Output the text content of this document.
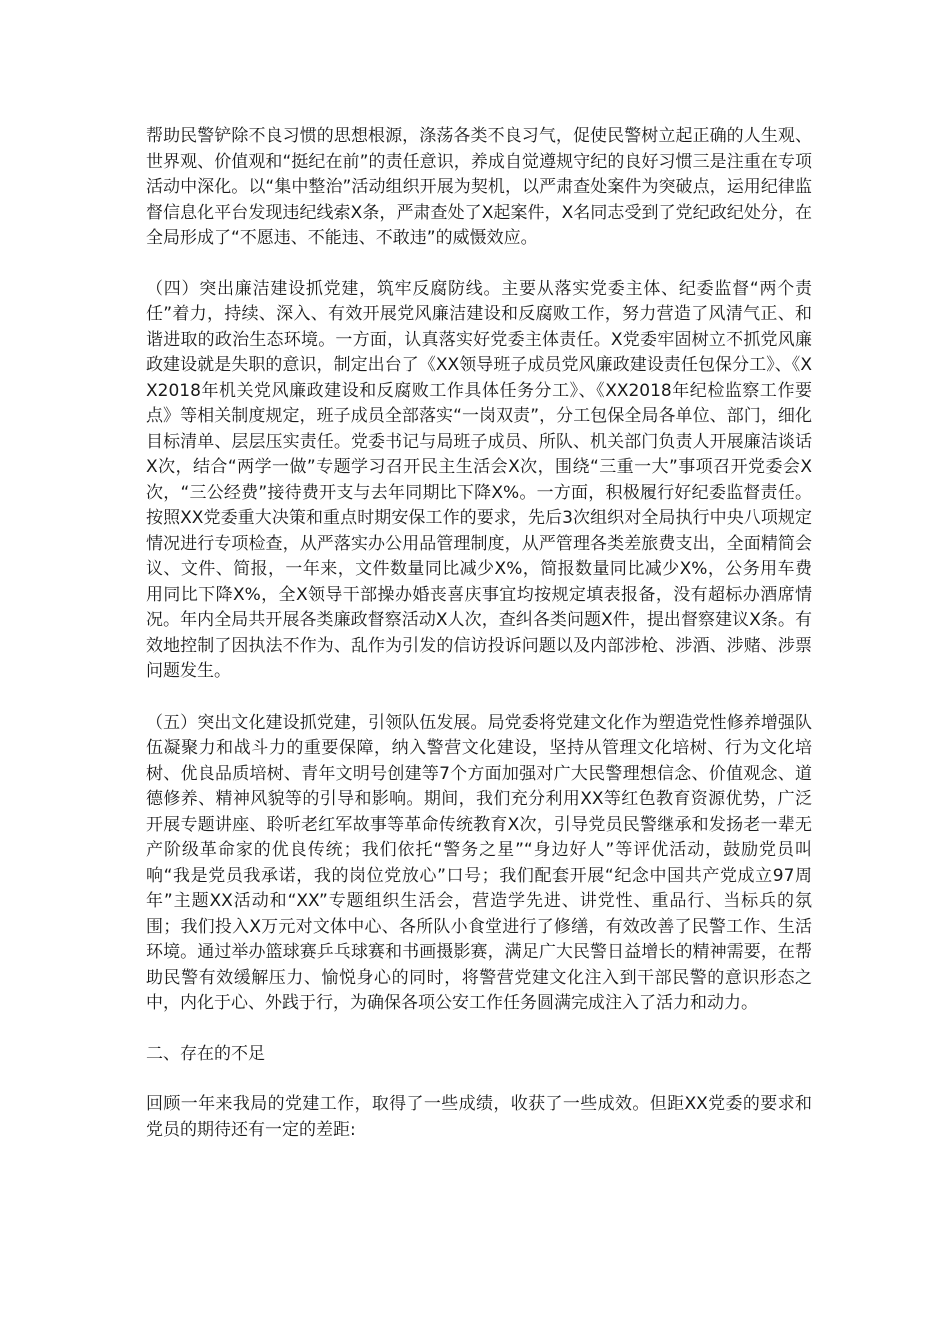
帮助民警铲除不良习惯的思想根源，涤荡各类不良习气，促使民警树立起正确的人生观、世界观、价值观和“挺纪在前”的责任意识，养成自觉遵规守纪的良好习惯三是注重在专项活动中深化。以“集中整治”活动组织开展为契机，以严肃查处案件为突破点，运用纪律监督信息化平台发现违纪线索X条，严肃查处了X起案件，X名同志受到了党纪政纪处分，在全局形成了“不愿违、不能违、不敢违”的威慑效应。

（四）突出廉洁建设抓党建，筑牢反腐防线。主要从落实党委主体、纪委监督“两个责任”着力，持续、深入、有效开展党风廉洁建设和反腐败工作，努力营造了风清气正、和谐进取的政治生态环境。一方面，认真落实好党委主体责任。X党委牢固树立不抓党风廉政建设就是失职的意识，制定出台了《XX领导班子成员党风廉政建设责任包保分工》、《XX2018年机关党风廉政建设和反腐败工作具体任务分工》、《XX2018年纪检监察工作要点》等相关制度规定，班子成员全部落实“一岗双责”，分工包保全局各单位、部门，细化目标清单、层层压实责任。党委书记与局班子成员、所队、机关部门负责人开展廉洁谈话X次，结合“两学一做”专题学习召开民主生活会X次，围绕“三重一大”事项召开党委会X次，“三公经费”接待费开支与去年同期比下降X%。一方面，积极履行好纪委监督责任。按照XX党委重大决策和重点时期安保工作的要求，先后3次组织对全局执行中央八项规定情况进行专项检查，从严落实办公用品管理制度，从严管理各类差旅费支出，全面精简会议、文件、简报，一年来，文件数量同比减少X%，简报数量同比减少X%，公务用车费用同比下降X%，全X领导干部操办婚丧喜庆事宜均按规定填表报备，没有超标办酒席情况。年内全局共开展各类廉政督察活动X人次，查纠各类问题X件，提出督察建议X条。有效地控制了因执法不作为、乱作为引发的信访投诉问题以及内部涉枪、涉酒、涉赌、涉票问题发生。

（五）突出文化建设抓党建，引领队伍发展。局党委将党建文化作为塑造党性修养增强队伍凝聚力和战斗力的重要保障，纳入警营文化建设，坚持从管理文化培树、行为文化培树、优良品质培树、青年文明号创建等7个方面加强对广大民警理想信念、价值观念、道德修养、精神风貌等的引导和影响。期间，我们充分利用XX等红色教育资源优势，广泛开展专题讲座、聆听老红军故事等革命传统教育X次，引导党员民警继承和发扬老一辈无产阶级革命家的优良传统；我们依托“警务之星”“身边好人”等评优活动，鼓励党员叫响“我是党员我承诺，我的岗位党放心”口号；我们配套开展“纪念中国共产党成立97周年”主题XX活动和“XX”专题组织生活会，营造学先进、讲党性、重品行、当标兵的氛围；我们投入X万元对文体中心、各所队小食堂进行了修缮，有效改善了民警工作、生活环境。通过举办篮球赛乒乓球赛和书画摄影赛，满足广大民警日益增长的精神需要，在帮助民警有效缓解压力、愉悦身心的同时，将警营党建文化注入到干部民警的意识形态之中，内化于心、外践于行，为确保各项公安工作任务圆满完成注入了活力和动力。

二、存在的不足

回顾一年来我局的党建工作，取得了一些成绩，收获了一些成效。但距XX党委的要求和党员的期待还有一定的差距:
